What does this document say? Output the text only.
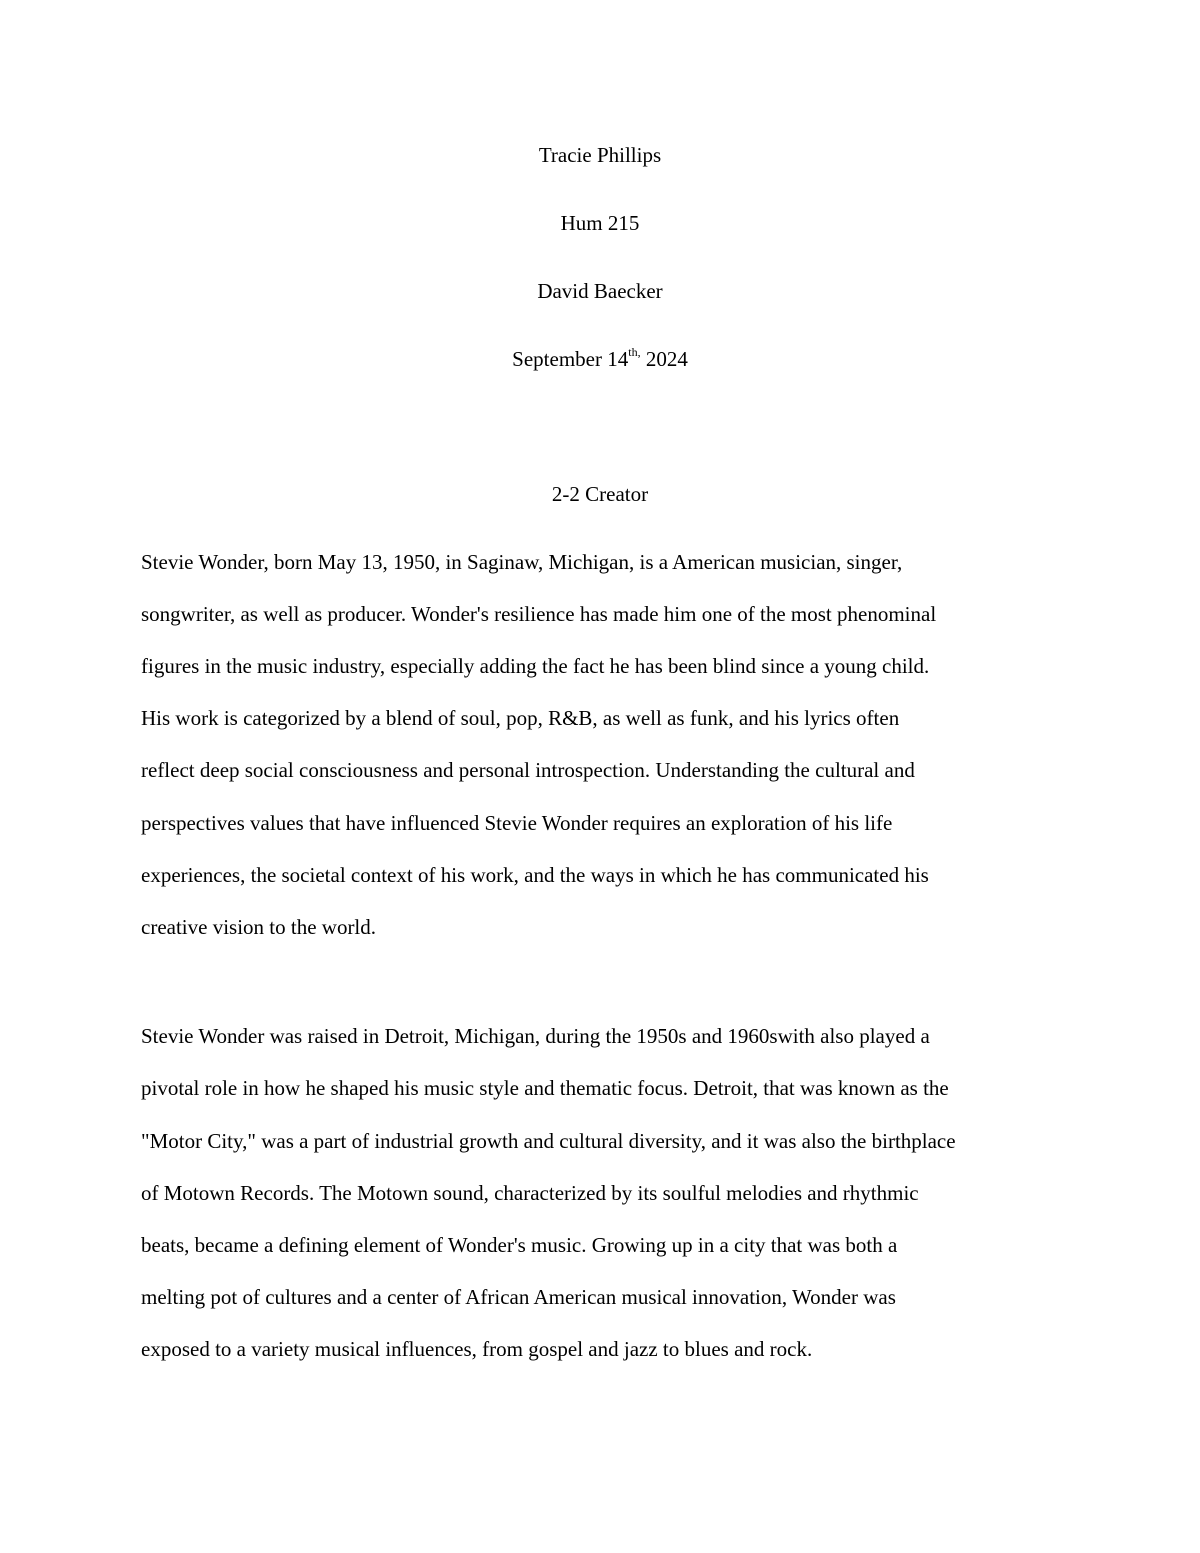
Tracie Phillips
Hum 215
David Baecker
September $14^{th,}$ 2024
2-2 Creator
Stevie Wonder, born May 13, 1950, in Saginaw, Michigan, is a American musician, singer,
songwriter, as well as producer. Wonder's resilience has made him one of the most phenominal
figures in the music industry, especially adding the fact he has been blind since a young child.
His work is categorized by a blend of soul, pop, R&B, as well as funk, and his lyrics often
reflect deep social consciousness and personal introspection. Understanding the cultural and
perspectives values that have influenced Stevie Wonder requires an exploration of his life
experiences, the societal context of his work, and the ways in which he has communicated his
creative vision to the world.
Stevie Wonder was raised in Detroit, Michigan, during the 1950s and 1960swith also played a
pivotal role in how he shaped his music style and thematic focus. Detroit, that was known as the
"Motor City," was a part of industrial growth and cultural diversity, and it was also the birthplace
of Motown Records. The Motown sound, characterized by its soulful melodies and rhythmic
beats, became a defining element of Wonder's music. Growing up in a city that was both a
melting pot of cultures and a center of African American musical innovation, Wonder was
exposed to a variety musical influences, from gospel and jazz to blues and rock.
